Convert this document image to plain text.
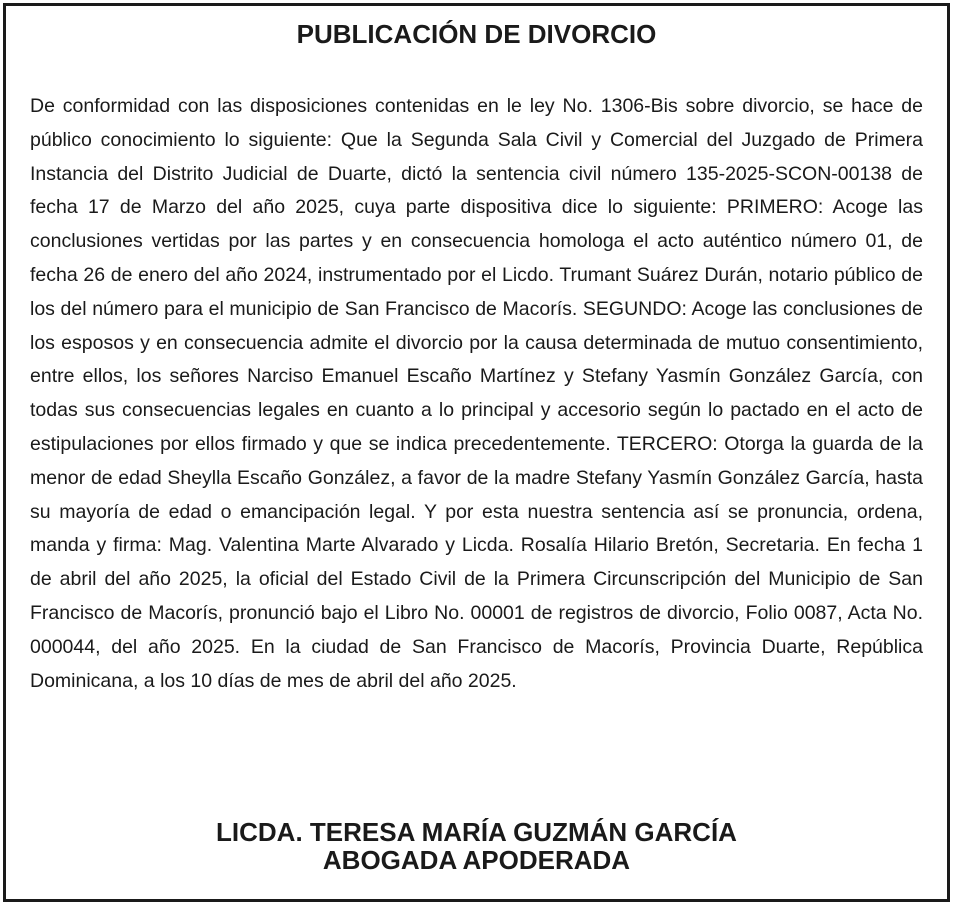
PUBLICACIÓN DE DIVORCIO

De conformidad con las disposiciones contenidas en le ley No. 1306-Bis sobre divorcio, se hace de público conocimiento lo siguiente: Que la Segunda Sala Civil y Comercial del Juzgado de Primera Instancia del Distrito Judicial de Duarte, dictó la sentencia civil número 135-2025-SCON-00138 de fecha 17 de Marzo del año 2025, cuya parte dispositiva dice lo siguiente: PRIMERO: Acoge las conclusiones vertidas por las partes y en consecuencia homologa el acto auténtico número 01, de fecha 26 de enero del año 2024, instrumentado por el Licdo. Trumant Suárez Durán, notario público de los del número para el municipio de San Francisco de Macorís. SEGUNDO: Acoge las conclusiones de los esposos y en consecuencia admite el divorcio por la causa determinada de mutuo consentimiento, entre ellos, los señores Narciso Emanuel Escaño Martínez y Stefany Yasmín González García, con todas sus consecuencias legales en cuanto a lo principal y accesorio según lo pactado en el acto de estipulaciones por ellos firmado y que se indica precedentemente. TERCERO: Otorga la guarda de la menor de edad Sheylla Escaño González, a favor de la madre Stefany Yasmín González García, hasta su mayoría de edad o emancipación legal. Y por esta nuestra sentencia así se pronuncia, ordena, manda y firma: Mag. Valentina Marte Alvarado y Licda. Rosalía Hilario Bretón, Secretaria. En fecha 1 de abril del año 2025, la oficial del Estado Civil de la Primera Circunscripción del Municipio de San Francisco de Macorís, pronunció bajo el Libro No. 00001 de registros de divorcio, Folio 0087, Acta No. 000044, del año 2025. En la ciudad de San Francisco de Macorís, Provincia Duarte, República Dominicana, a los 10 días de mes de abril del año 2025.

LICDA. TERESA MARÍA GUZMÁN GARCÍA
ABOGADA APODERADA
